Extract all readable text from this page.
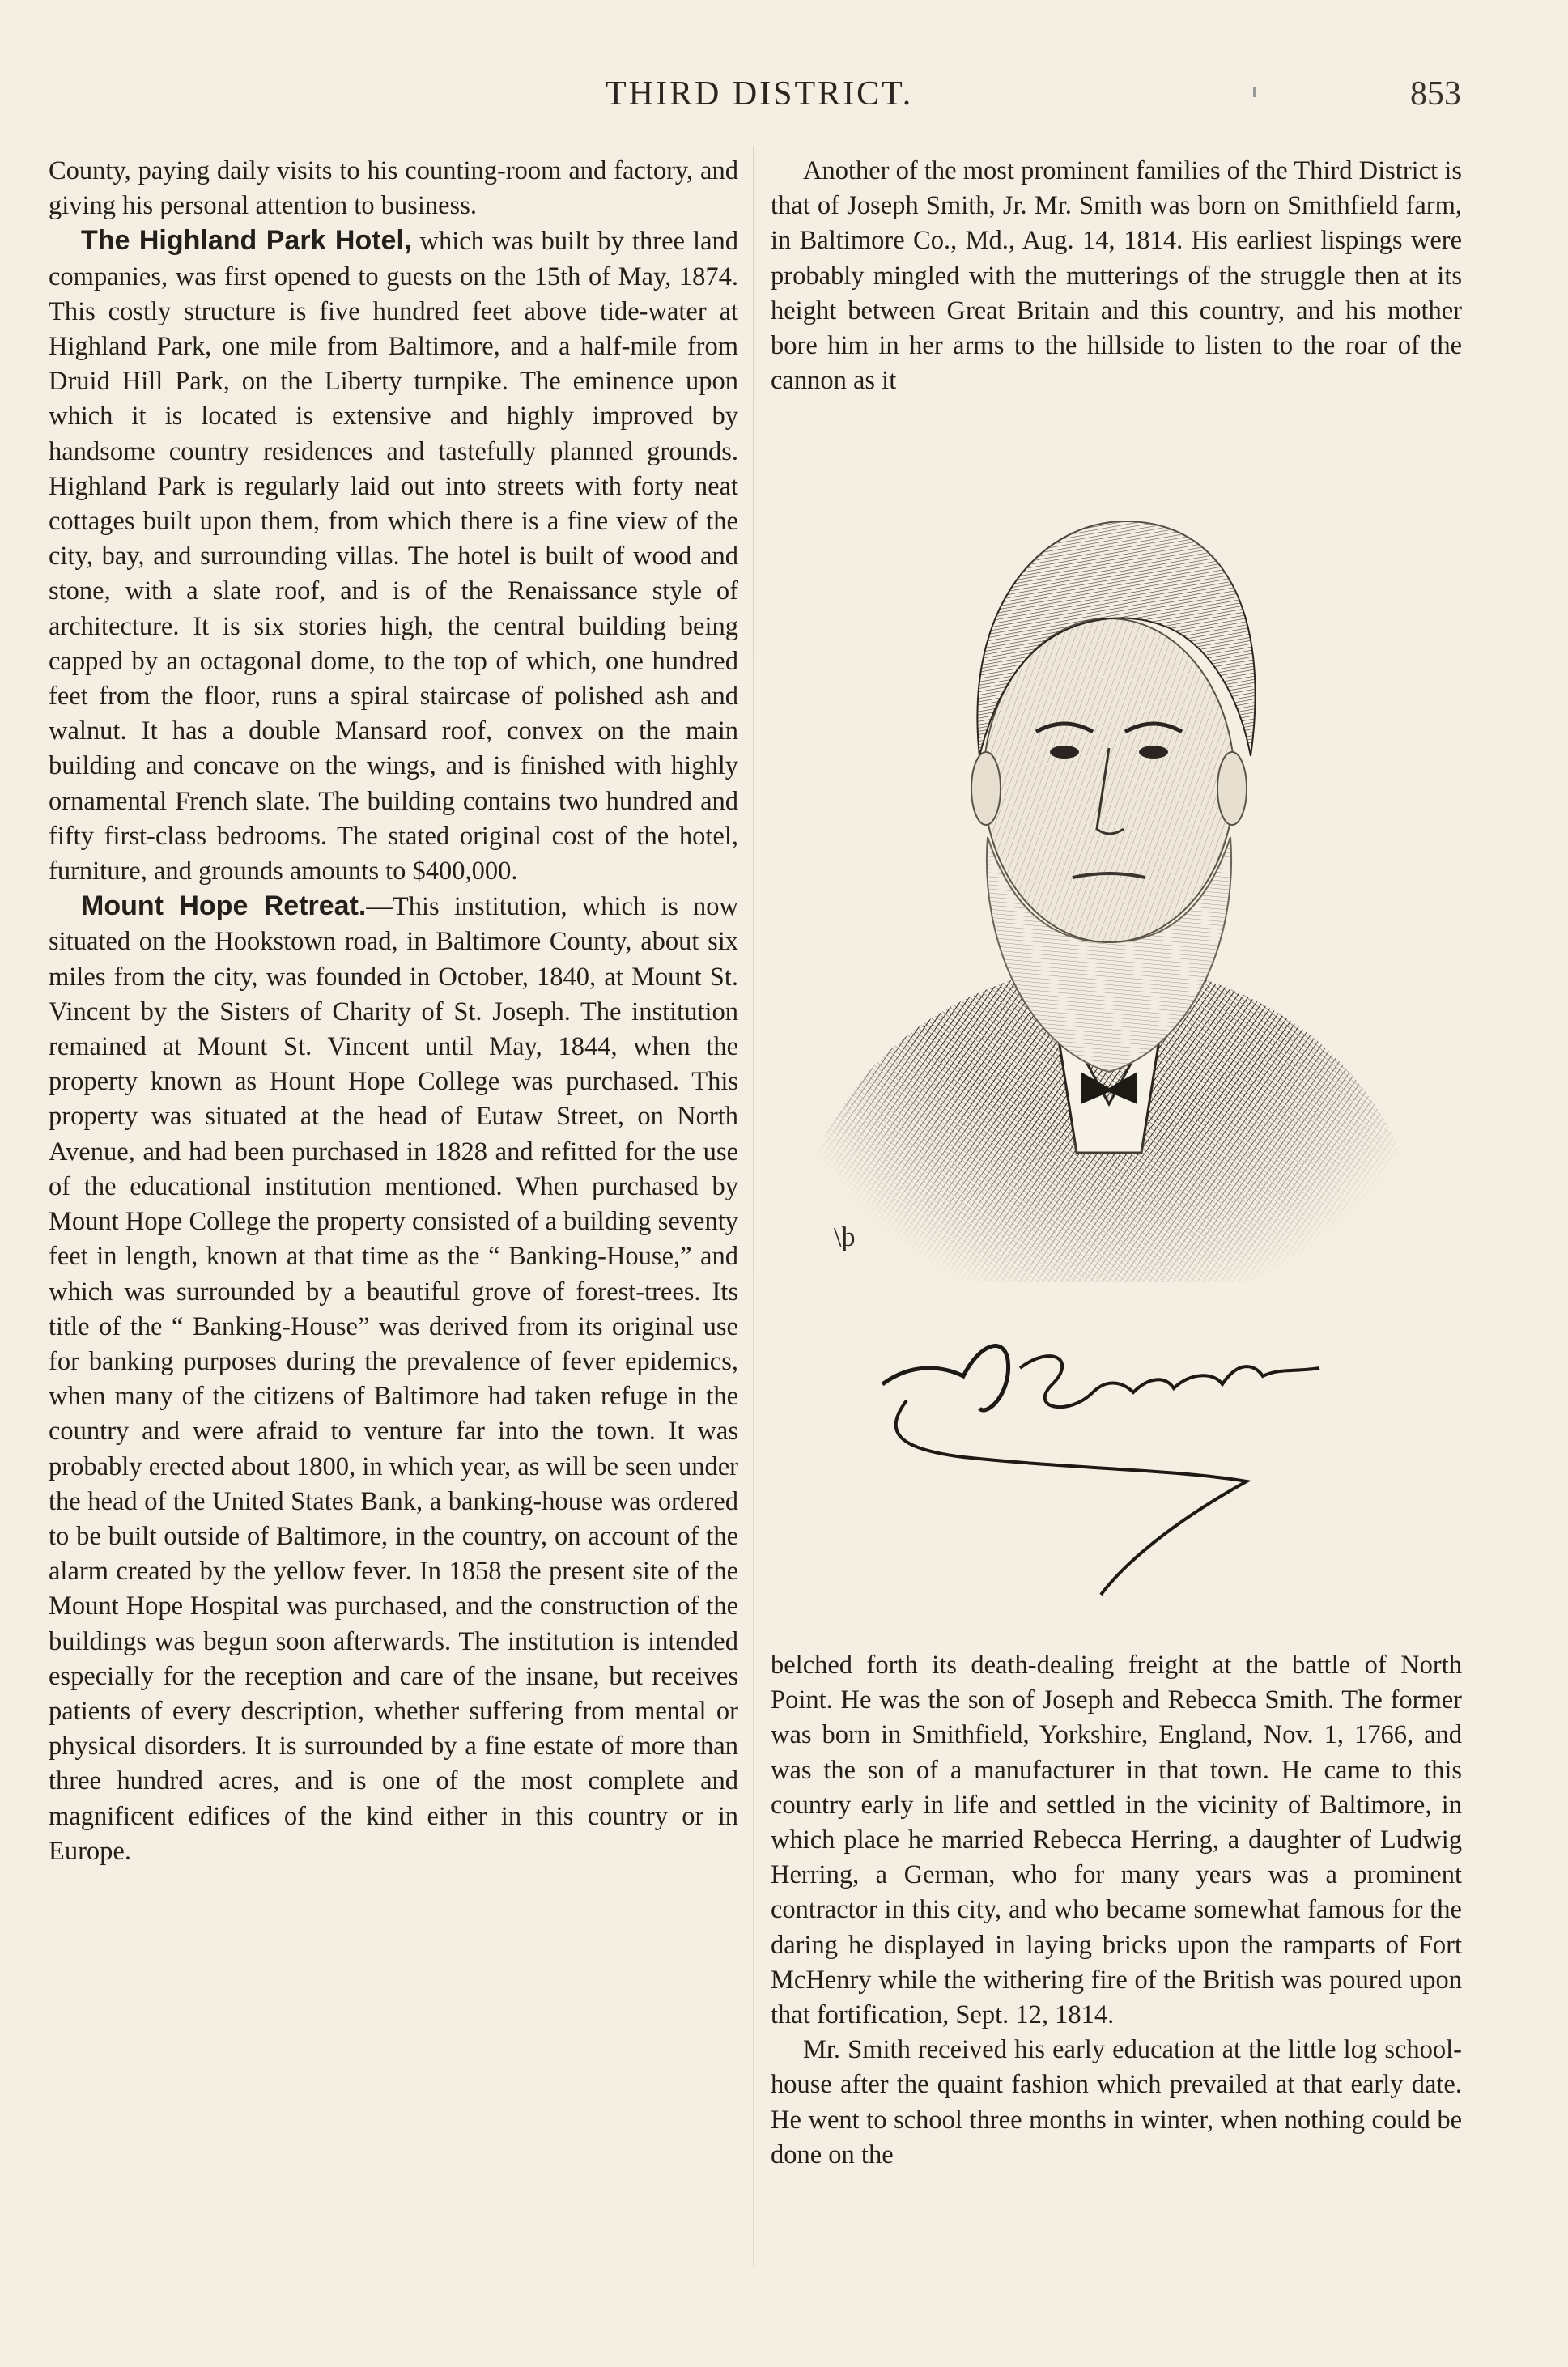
THIRD DISTRICT.	853

County, paying daily visits to his counting-room and factory, and giving his personal attention to business.

The Highland Park Hotel, which was built by three land companies, was first opened to guests on the 15th of May, 1874. This costly structure is five hundred feet above tide-water at Highland Park, one mile from Baltimore, and a half-mile from Druid Hill Park, on the Liberty turnpike. The eminence upon which it is located is extensive and highly improved by handsome country residences and tastefully planned grounds. Highland Park is regularly laid out into streets with forty neat cottages built upon them, from which there is a fine view of the city, bay, and surrounding villas. The hotel is built of wood and stone, with a slate roof, and is of the Renaissance style of architecture. It is six stories high, the central building being capped by an octagonal dome, to the top of which, one hundred feet from the floor, runs a spiral staircase of polished ash and walnut. It has a double Mansard roof, convex on the main building and concave on the wings, and is finished with highly ornamental French slate. The building contains two hundred and fifty first-class bedrooms. The stated original cost of the hotel, furniture, and grounds amounts to $400,000.

Mount Hope Retreat.—This institution, which is now situated on the Hookstown road, in Baltimore County, about six miles from the city, was founded in October, 1840, at Mount St. Vincent by the Sisters of Charity of St. Joseph. The institution remained at Mount St. Vincent until May, 1844, when the property known as Hount Hope College was purchased. This property was situated at the head of Eutaw Street, on North Avenue, and had been purchased in 1828 and refitted for the use of the educational institution mentioned. When purchased by Mount Hope College the property consisted of a building seventy feet in length, known at that time as the “ Banking-House,” and which was surrounded by a beautiful grove of forest-trees. Its title of the “ Banking-House” was derived from its original use for banking purposes during the prevalence of fever epidemics, when many of the citizens of Baltimore had taken refuge in the country and were afraid to venture far into the town. It was probably erected about 1800, in which year, as will be seen under the head of the United States Bank, a banking-house was ordered to be built outside of Baltimore, in the country, on account of the alarm created by the yellow fever. In 1858 the present site of the Mount Hope Hospital was purchased, and the construction of the buildings was begun soon afterwards. The institution is intended especially for the reception and care of the insane, but receives patients of every description, whether suffering from mental or physical disorders. It is surrounded by a fine estate of more than three hundred acres, and is one of the most complete and magnificent edifices of the kind either in this country or in Europe.

Another of the most prominent families of the Third District is that of Joseph Smith, Jr. Mr. Smith was born on Smithfield farm, in Baltimore Co., Md., Aug. 14, 1814. His earliest lispings were probably mingled with the mutterings of the struggle then at its height between Great Britain and this country, and his mother bore him in her arms to the hillside to listen to the roar of the cannon as it

\þ
J. Smith Jr.

belched forth its death-dealing freight at the battle of North Point. He was the son of Joseph and Rebecca Smith. The former was born in Smithfield, Yorkshire, England, Nov. 1, 1766, and was the son of a manufacturer in that town. He came to this country early in life and settled in the vicinity of Baltimore, in which place he married Rebecca Herring, a daughter of Ludwig Herring, a German, who for many years was a prominent contractor in this city, and who became somewhat famous for the daring he displayed in laying bricks upon the ramparts of Fort McHenry while the withering fire of the British was poured upon that fortification, Sept. 12, 1814.

Mr. Smith received his early education at the little log school-house after the quaint fashion which prevailed at that early date. He went to school three months in winter, when nothing could be done on the
